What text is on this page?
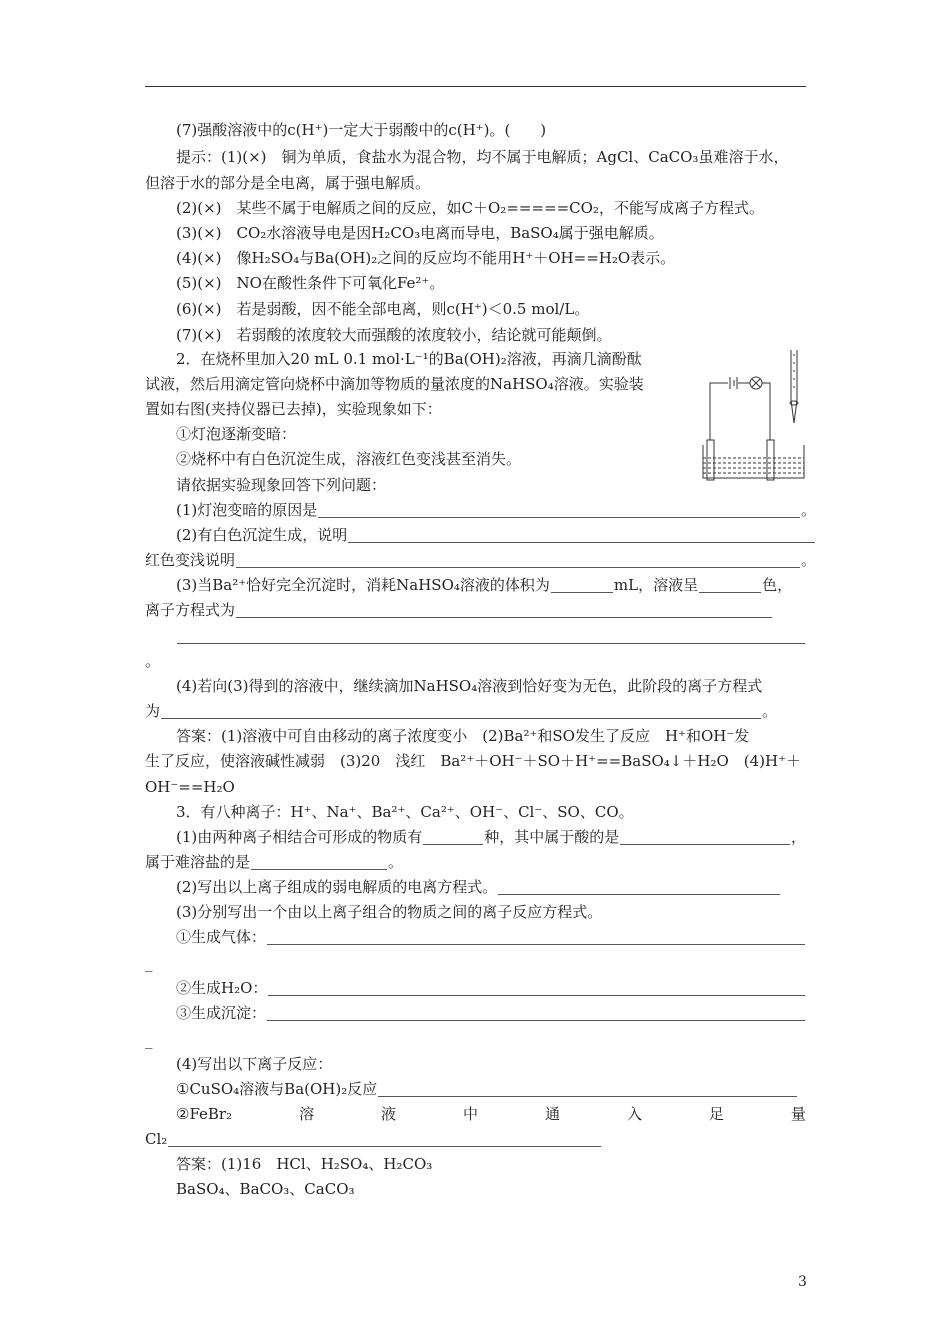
(7)强酸溶液中的c(H⁺)一定大于弱酸中的c(H⁺)。(　　)
提示：(1)(×)　铜为单质，食盐水为混合物，均不属于电解质；AgCl、CaCO₃虽难溶于水，
但溶于水的部分是全电离，属于强电解质。
(2)(×)　某些不属于电解质之间的反应，如C＋O₂=====CO₂，不能写成离子方程式。
(3)(×)　CO₂水溶液导电是因H₂CO₃电离而导电，BaSO₄属于强电解质。
(4)(×)　像H₂SO₄与Ba(OH)₂之间的反应均不能用H⁺＋OH==H₂O表示。
(5)(×)　NO在酸性条件下可氧化Fe²⁺。
(6)(×)　若是弱酸，因不能全部电离，则c(H⁺)＜0.5 mol/L。
(7)(×)　若弱酸的浓度较大而强酸的浓度较小，结论就可能颠倒。
2．在烧杯里加入20 mL 0.1 mol·L⁻¹的Ba(OH)₂溶液，再滴几滴酚酞
试液，然后用滴定管向烧杯中滴加等物质的量浓度的NaHSO₄溶液。实验装
置如右图(夹持仪器已去掉)，实验现象如下：
①灯泡逐渐变暗：
②烧杯中有白色沉淀生成，溶液红色变浅甚至消失。
请依据实验现象回答下列问题：
(1)灯泡变暗的原因是	。
(2)有白色沉淀生成，说明
红色变浅说明	。
(3)当Ba²⁺恰好完全沉淀时，消耗NaHSO₄溶液的体积为	mL，溶液呈	色，
离子方程式为
。
(4)若向(3)得到的溶液中，继续滴加NaHSO₄溶液到恰好变为无色，此阶段的离子方程式
为	。
答案：(1)溶液中可自由移动的离子浓度变小　(2)Ba²⁺和SO发生了反应　H⁺和OH⁻发
生了反应，使溶液碱性减弱　(3)20　浅红　Ba²⁺＋OH⁻＋SO＋H⁺==BaSO₄↓＋H₂O　(4)H⁺＋
OH⁻==H₂O
3．有八种离子：H⁺、Na⁺、Ba²⁺、Ca²⁺、OH⁻、Cl⁻、SO、CO。
(1)由两种离子相结合可形成的物质有	种，其中属于酸的是	，
属于难溶盐的是	。
(2)写出以上离子组成的弱电解质的电离方程式。
(3)分别写出一个由以上离子组合的物质之间的离子反应方程式。
①生成气体：
_
②生成H₂O：
③生成沉淀：
_
(4)写出以下离子反应：
①CuSO₄溶液与Ba(OH)₂反应
②FeBr₂	溶	液	中	通	入	足	量
Cl₂
答案：(1)16　HCl、H₂SO₄、H₂CO₃
BaSO₄、BaCO₃、CaCO₃
3
